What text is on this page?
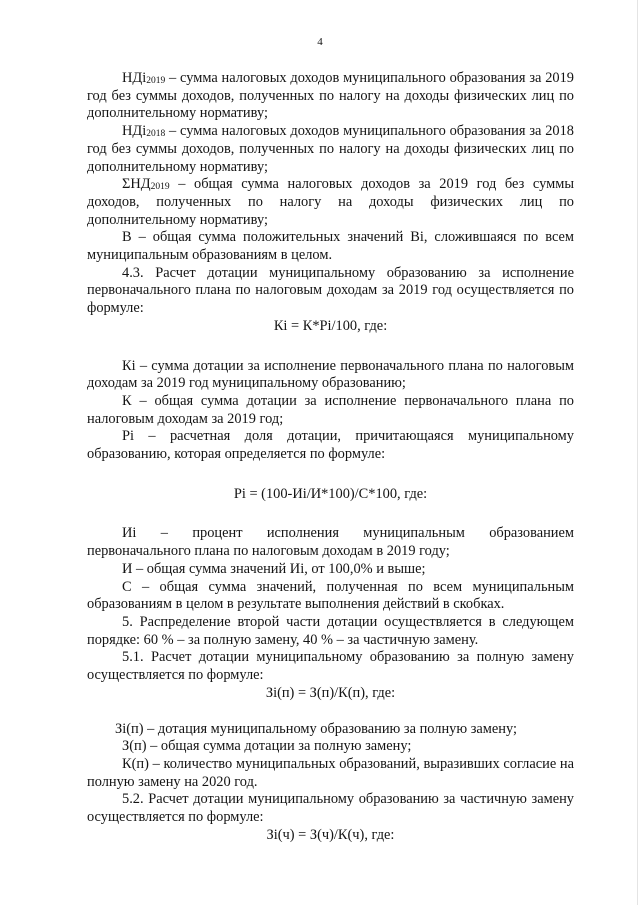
4

НДi$_{2019}$ – сумма налоговых доходов муниципального образования за 2019 год без суммы доходов, полученных по налогу на доходы физических лиц по дополнительному нормативу;

НДi$_{2018}$ – сумма налоговых доходов муниципального образования за 2018 год без суммы доходов, полученных по налогу на доходы физических лиц по дополнительному нормативу;

$\Sigma НД_{2019}$ – общая сумма налоговых доходов за 2019 год без суммы доходов, полученных по налогу на доходы физических лиц по дополнительному нормативу;

В – общая сумма положительных значений Вi, сложившаяся по всем муниципальным образованиям в целом.

4.3. Расчет дотации муниципальному образованию за исполнение первоначального плана по налоговым доходам за 2019 год осуществляется по формуле:

Кi = К*Рi/100, где:

Кi – сумма дотации за исполнение первоначального плана по налоговым доходам за 2019 год муниципальному образованию;

К – общая сумма дотации за исполнение первоначального плана по налоговым доходам за 2019 год;

Рi – расчетная доля дотации, причитающаяся муниципальному образованию, которая определяется по формуле:

Рi = (100-Иi/И*100)/С*100, где:

Иi – процент исполнения муниципальным образованием первоначального плана по налоговым доходам в 2019 году;

И – общая сумма значений Иi, от 100,0% и выше;

С – общая сумма значений, полученная по всем муниципальным образованиям в целом в результате выполнения действий в скобках.

5. Распределение второй части дотации осуществляется в следующем порядке: 60 % – за полную замену, 40 % – за частичную замену.

5.1. Расчет дотации муниципальному образованию за полную замену осуществляется по формуле:

Зi(п) = З(п)/К(п), где:

Зi(п) – дотация муниципальному образованию за полную замену;

З(п) – общая сумма дотации за полную замену;

К(п) – количество муниципальных образований, выразивших согласие на полную замену на 2020 год.

5.2. Расчет дотации муниципальному образованию за частичную замену осуществляется по формуле:

Зi(ч) = З(ч)/К(ч), где:
